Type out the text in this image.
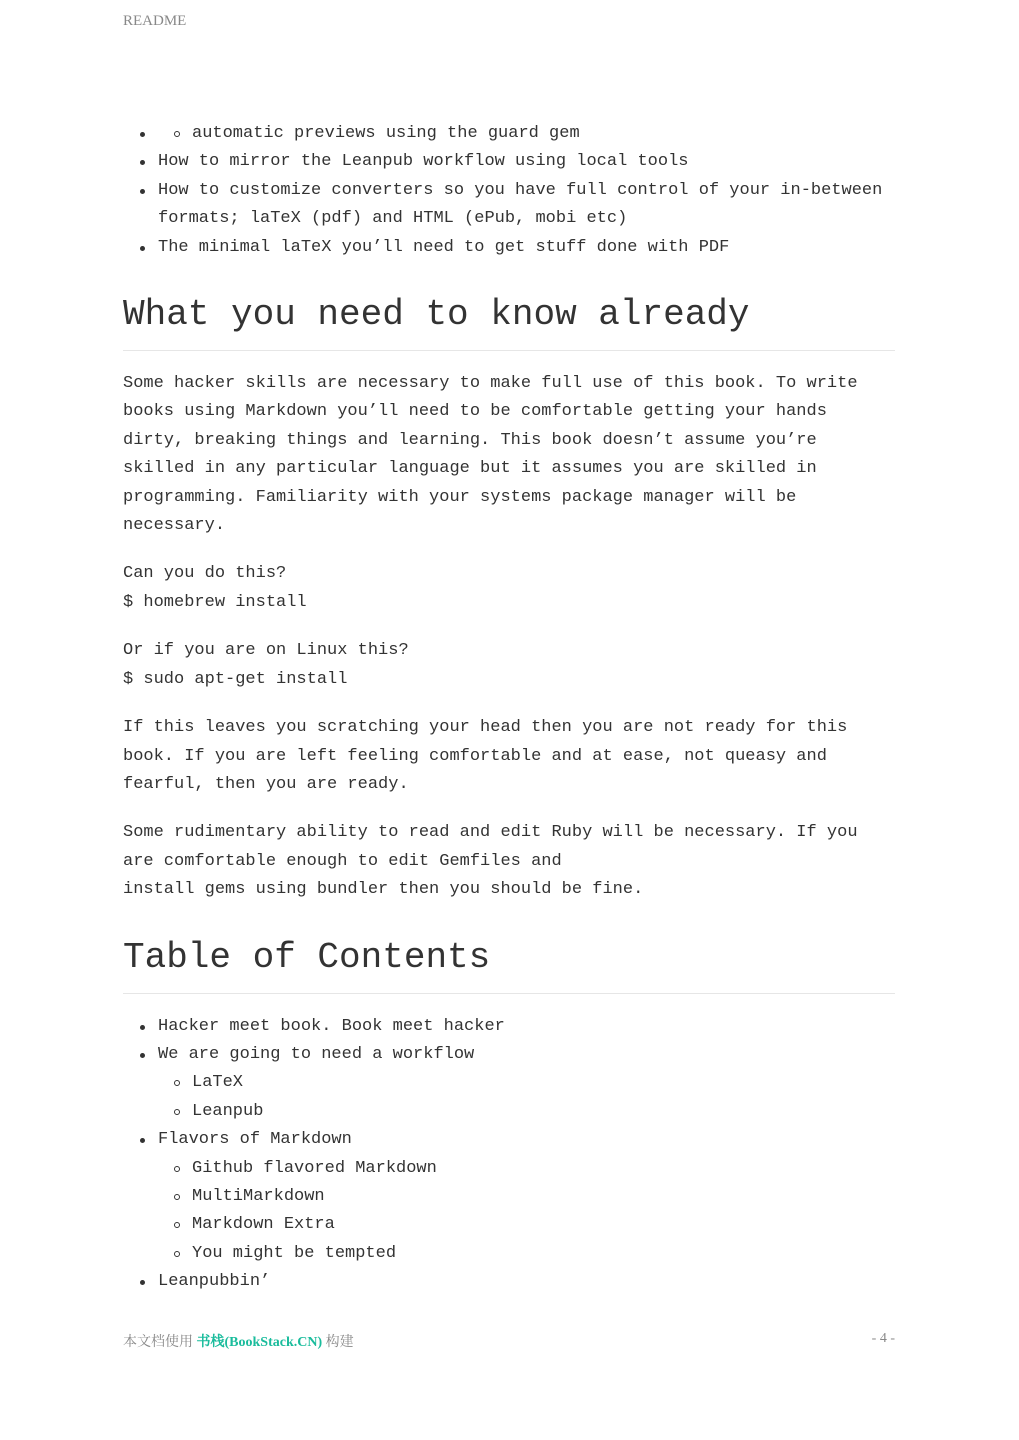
README
automatic previews using the guard gem
How to mirror the Leanpub workflow using local tools
How to customize converters so you have full control of your in-between formats; laTeX (pdf) and HTML (ePub, mobi etc)
The minimal laTeX you’ll need to get stuff done with PDF
What you need to know already

Some hacker skills are necessary to make full use of this book. To write books using Markdown you’ll need to be comfortable getting your hands dirty, breaking things and learning. This book doesn’t assume you’re skilled in any particular language but it assumes you are skilled in programming. Familiarity with your systems package manager will be necessary.

Can you do this?
$ homebrew install

Or if you are on Linux this?
$ sudo apt-get install

If this leaves you scratching your head then you are not ready for this book. If you are left feeling comfortable and at ease, not queasy and fearful, then you are ready.

Some rudimentary ability to read and edit Ruby will be necessary. If you are comfortable enough to edit Gemfiles and
install gems using bundler then you should be fine.

Table of Contents
Hacker meet book. Book meet hacker
We are going to need a workflow
LaTeX
Leanpub
Flavors of Markdown
Github flavored Markdown
MultiMarkdown
Markdown Extra
You might be tempted
Leanpubbin’
本文档使用 书栈(BookStack.CN) 构建	- 4 -
